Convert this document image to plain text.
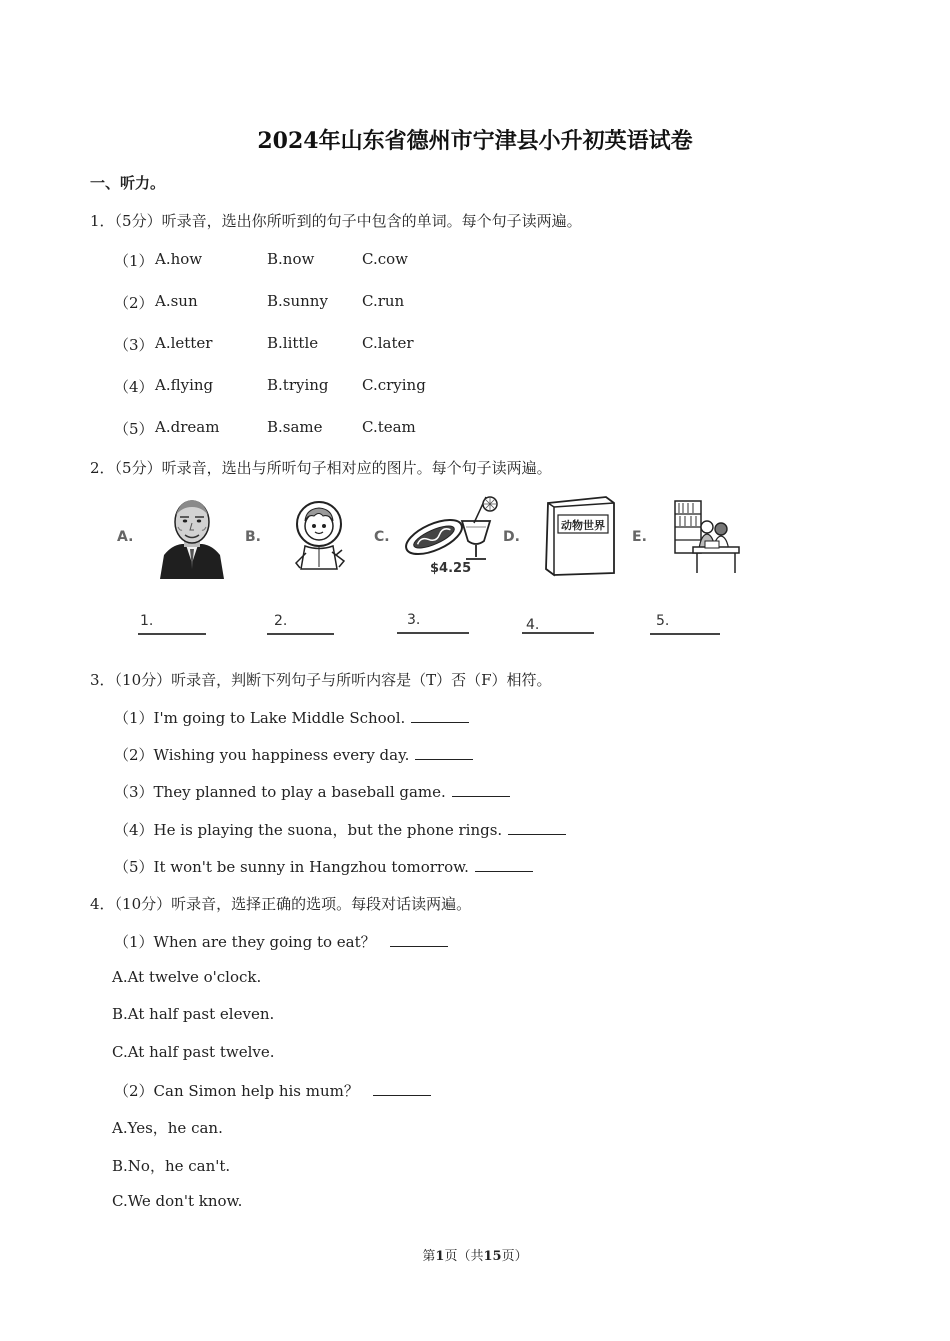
2024年山东省德州市宁津县小升初英语试卷
一、听力。
1．（5分）听录音，选出你所听到的句子中包含的单词。每个句子读两遍。
（1） A.how	B.now	C.cow
（2） A.sun	B.sunny C.run
（3） A.letter	B.little	C.later
（4） A.flying	B.trying C.crying
（5） A.dream	B.same	C.team
2．（5分）听录音，选出与所听句子相对应的图片。每个句子读两遍。
A.	B.	C.	D.	E.
$4.25
动物世界
1.	2.	3.	4.	5.
3．（10分）听录音，判断下列句子与所听内容是（T）否（F）相符。
（1）I'm going to Lake Middle School.
（2）Wishing you happiness every day.
（3）They planned to play a baseball game.
（4）He is playing the suona，but the phone rings.
（5）It won't be sunny in Hangzhou tomorrow.
4．（10分）听录音，选择正确的选项。每段对话读两遍。
（1）When are they going to eat？
A.At twelve o'clock.
B.At half past eleven.
C.At half past twelve.
（2）Can Simon help his mum？
A.Yes，he can.
B.No，he can't.
C.We don't know.
第1页（共15页）
